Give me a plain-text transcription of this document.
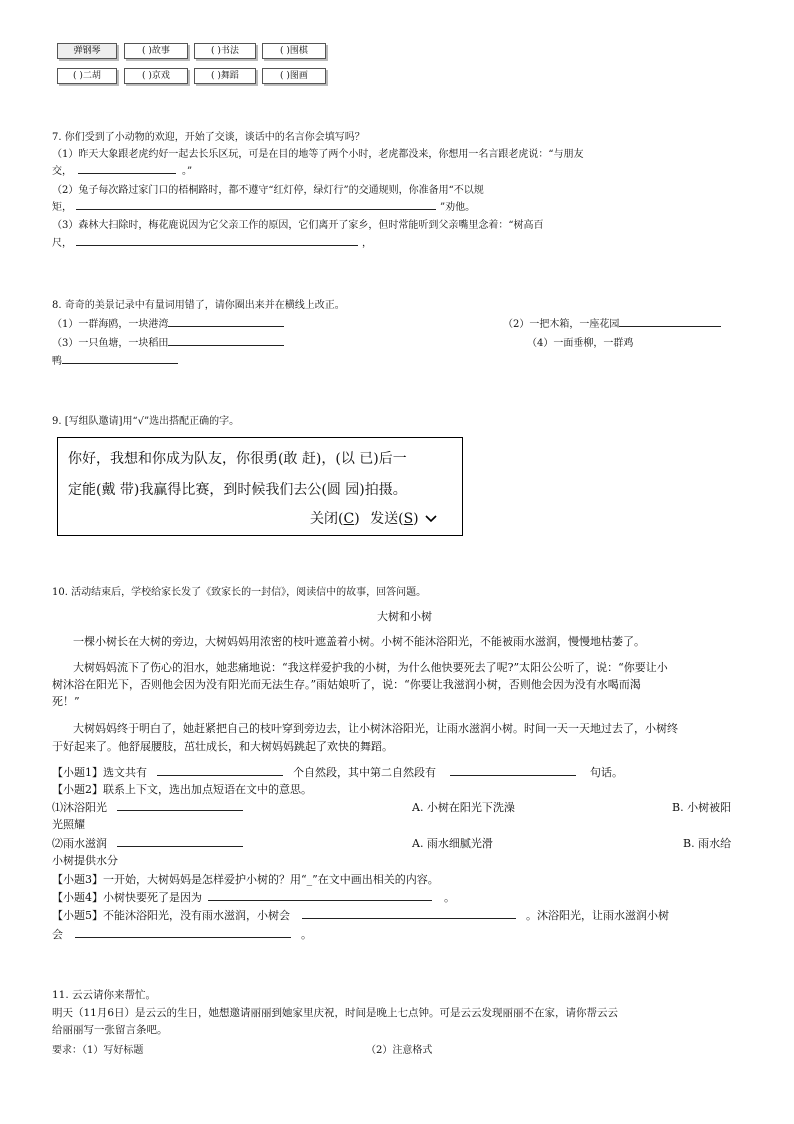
弹钢琴	( )故事	( )书法	( )围棋
( )二胡	( )京戏	( )舞蹈	( )图画
7. 你们受到了小动物的欢迎，开始了交谈，谈话中的名言你会填写吗？
（1）昨天大象跟老虎约好一起去长乐区玩，可是在目的地等了两个小时，老虎都没来，你想用一名言跟老虎说：“与朋友
交，	。”
（2）兔子每次路过家门口的梧桐路时，都不遵守“红灯停，绿灯行”的交通规则，你准备用“不以规
矩，	”劝他。
（3）森林大扫除时，梅花鹿说因为它父亲工作的原因，它们离开了家乡，但时常能听到父亲嘴里念着：“树高百
尺，	，
8. 奇奇的美景记录中有量词用错了，请你圈出来并在横线上改正。
（1）一群海鸥，一块港湾	（2）一把木箱，一座花园
（3）一只鱼塘，一块稻田	（4）一面垂柳，一群鸡
鸭
9. [写组队邀请]用“√”选出搭配正确的字。
你好，我想和你成为队友，你很勇(敢 赶)，(以 已)后一
定能(戴 带)我赢得比赛，到时候我们去公(圆 园)拍摄。
关闭(C) 发送(S)
10. 活动结束后，学校给家长发了《致家长的一封信》，阅读信中的故事，回答问题。
大树和小树
一棵小树长在大树的旁边，大树妈妈用浓密的枝叶遮盖着小树。小树不能沐浴阳光，不能被雨水滋润，慢慢地枯萎了。
大树妈妈流下了伤心的泪水，她悲痛地说：“我这样爱护我的小树，为什么他快要死去了呢?”太阳公公听了，说：“你要让小
树沐浴在阳光下，否则他会因为没有阳光而无法生存。”雨姑娘听了，说：“你要让我滋润小树，否则他会因为没有水喝而渴
死！”
大树妈妈终于明白了，她赶紧把自己的枝叶穿到旁边去，让小树沐浴阳光，让雨水滋润小树。时间一天一天地过去了，小树终
于好起来了。他舒展腰肢，茁壮成长，和大树妈妈跳起了欢快的舞蹈。
【小题1】选文共有	个自然段，其中第二自然段有	句话。
【小题2】联系上下文，选出加点短语在文中的意思。
⑴沐浴阳光	A. 小树在阳光下洗澡	B. 小树被阳
光照耀
⑵雨水滋润	A. 雨水细腻光滑	B. 雨水给
小树提供水分
【小题3】一开始，大树妈妈是怎样爱护小树的？用“_”在文中画出相关的内容。
【小题4】小树快要死了是因为	。
【小题5】不能沐浴阳光，没有雨水滋润，小树会	。沐浴阳光，让雨水滋润小树
会	。
11. 云云请你来帮忙。
明天（11月6日）是云云的生日，她想邀请丽丽到她家里庆祝，时间是晚上七点钟。可是云云发现丽丽不在家，请你帮云云
给丽丽写一张留言条吧。
要求：（1）写好标题	（2）注意格式
